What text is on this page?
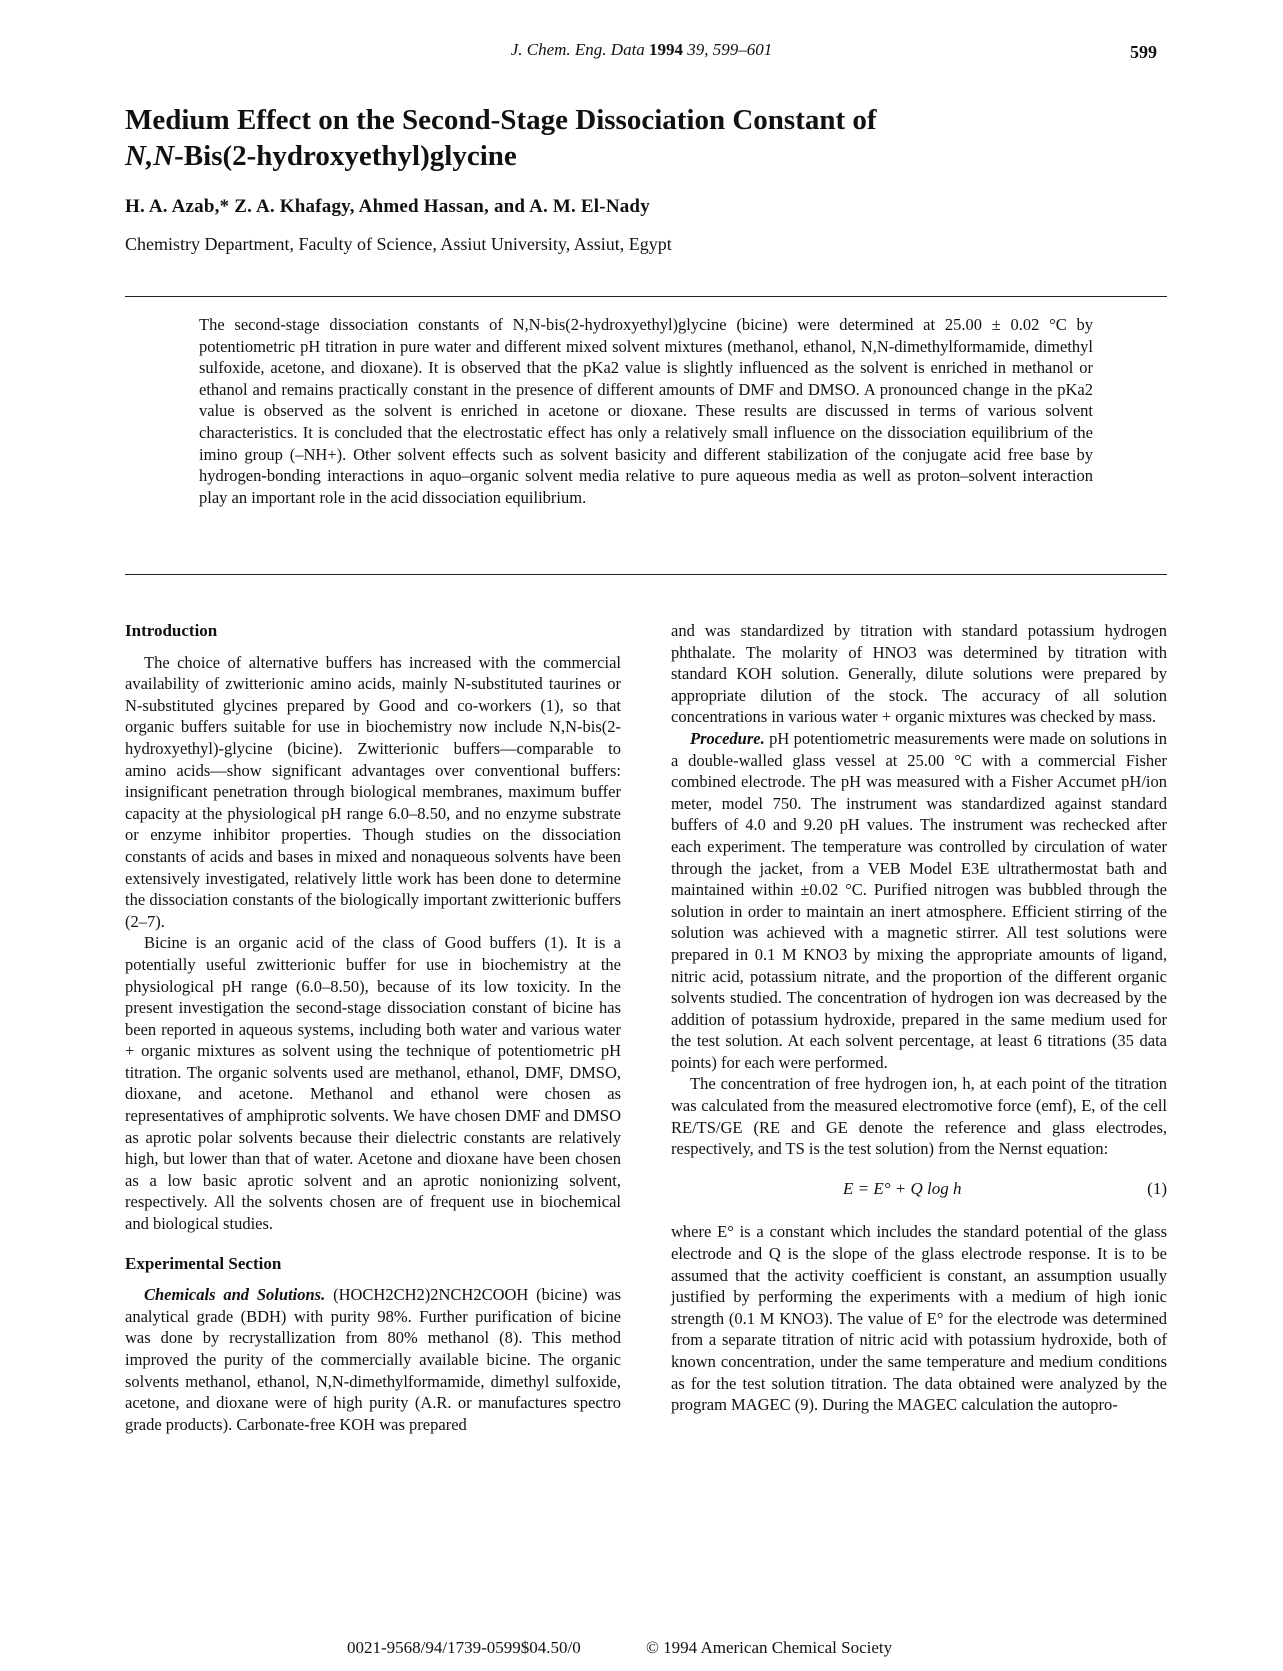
J. Chem. Eng. Data 1994 39, 599–601	599
Medium Effect on the Second-Stage Dissociation Constant of
N,N-Bis(2-hydroxyethyl)glycine
H. A. Azab,* Z. A. Khafagy, Ahmed Hassan, and A. M. El-Nady
Chemistry Department, Faculty of Science, Assiut University, Assiut, Egypt
The second-stage dissociation constants of N,N-bis(2-hydroxyethyl)glycine (bicine) were determined at 25.00 ± 0.02 °C by potentiometric pH titration in pure water and different mixed solvent mixtures (methanol, ethanol, N,N-dimethylformamide, dimethyl sulfoxide, acetone, and dioxane). It is observed that the pKa2 value is slightly influenced as the solvent is enriched in methanol or ethanol and remains practically constant in the presence of different amounts of DMF and DMSO. A pronounced change in the pKa2 value is observed as the solvent is enriched in acetone or dioxane. These results are discussed in terms of various solvent characteristics. It is concluded that the electrostatic effect has only a relatively small influence on the dissociation equilibrium of the imino group (–NH+). Other solvent effects such as solvent basicity and different stabilization of the conjugate acid free base by hydrogen-bonding interactions in aquo–organic solvent media relative to pure aqueous media as well as proton–solvent interaction play an important role in the acid dissociation equilibrium.
Introduction

The choice of alternative buffers has increased with the commercial availability of zwitterionic amino acids, mainly N-substituted taurines or N-substituted glycines prepared by Good and co-workers (1), so that organic buffers suitable for use in biochemistry now include N,N-bis(2-hydroxyethyl)-glycine (bicine). Zwitterionic buffers—comparable to amino acids—show significant advantages over conventional buffers: insignificant penetration through biological membranes, maximum buffer capacity at the physiological pH range 6.0–8.50, and no enzyme substrate or enzyme inhibitor properties. Though studies on the dissociation constants of acids and bases in mixed and nonaqueous solvents have been extensively investigated, relatively little work has been done to determine the dissociation constants of the biologically important zwitterionic buffers (2–7).

Bicine is an organic acid of the class of Good buffers (1). It is a potentially useful zwitterionic buffer for use in biochemistry at the physiological pH range (6.0–8.50), because of its low toxicity. In the present investigation the second-stage dissociation constant of bicine has been reported in aqueous systems, including both water and various water + organic mixtures as solvent using the technique of potentiometric pH titration. The organic solvents used are methanol, ethanol, DMF, DMSO, dioxane, and acetone. Methanol and ethanol were chosen as representatives of amphiprotic solvents. We have chosen DMF and DMSO as aprotic polar solvents because their dielectric constants are relatively high, but lower than that of water. Acetone and dioxane have been chosen as a low basic aprotic solvent and an aprotic nonionizing solvent, respectively. All the solvents chosen are of frequent use in biochemical and biological studies.

Experimental Section

Chemicals and Solutions. (HOCH2CH2)2NCH2COOH (bicine) was analytical grade (BDH) with purity 98%. Further purification of bicine was done by recrystallization from 80% methanol (8). This method improved the purity of the commercially available bicine. The organic solvents methanol, ethanol, N,N-dimethylformamide, dimethyl sulfoxide, acetone, and dioxane were of high purity (A.R. or manufactures spectro grade products). Carbonate-free KOH was prepared

and was standardized by titration with standard potassium hydrogen phthalate. The molarity of HNO3 was determined by titration with standard KOH solution. Generally, dilute solutions were prepared by appropriate dilution of the stock. The accuracy of all solution concentrations in various water + organic mixtures was checked by mass.

Procedure. pH potentiometric measurements were made on solutions in a double-walled glass vessel at 25.00 °C with a commercial Fisher combined electrode. The pH was measured with a Fisher Accumet pH/ion meter, model 750. The instrument was standardized against standard buffers of 4.0 and 9.20 pH values. The instrument was rechecked after each experiment. The temperature was controlled by circulation of water through the jacket, from a VEB Model E3E ultrathermostat bath and maintained within ±0.02 °C. Purified nitrogen was bubbled through the solution in order to maintain an inert atmosphere. Efficient stirring of the solution was achieved with a magnetic stirrer. All test solutions were prepared in 0.1 M KNO3 by mixing the appropriate amounts of ligand, nitric acid, potassium nitrate, and the proportion of the different organic solvents studied. The concentration of hydrogen ion was decreased by the addition of potassium hydroxide, prepared in the same medium used for the test solution. At each solvent percentage, at least 6 titrations (35 data points) for each were performed.

The concentration of free hydrogen ion, h, at each point of the titration was calculated from the measured electromotive force (emf), E, of the cell RE/TS/GE (RE and GE denote the reference and glass electrodes, respectively, and TS is the test solution) from the Nernst equation:

E = E° + Q log h	(1)

where E° is a constant which includes the standard potential of the glass electrode and Q is the slope of the glass electrode response. It is to be assumed that the activity coefficient is constant, an assumption usually justified by performing the experiments with a medium of high ionic strength (0.1 M KNO3). The value of E° for the electrode was determined from a separate titration of nitric acid with potassium hydroxide, both of known concentration, under the same temperature and medium conditions as for the test solution titration. The data obtained were analyzed by the program MAGEC (9). During the MAGEC calculation the autopro-

0021-9568/94/1739-0599$04.50/0	© 1994 American Chemical Society
